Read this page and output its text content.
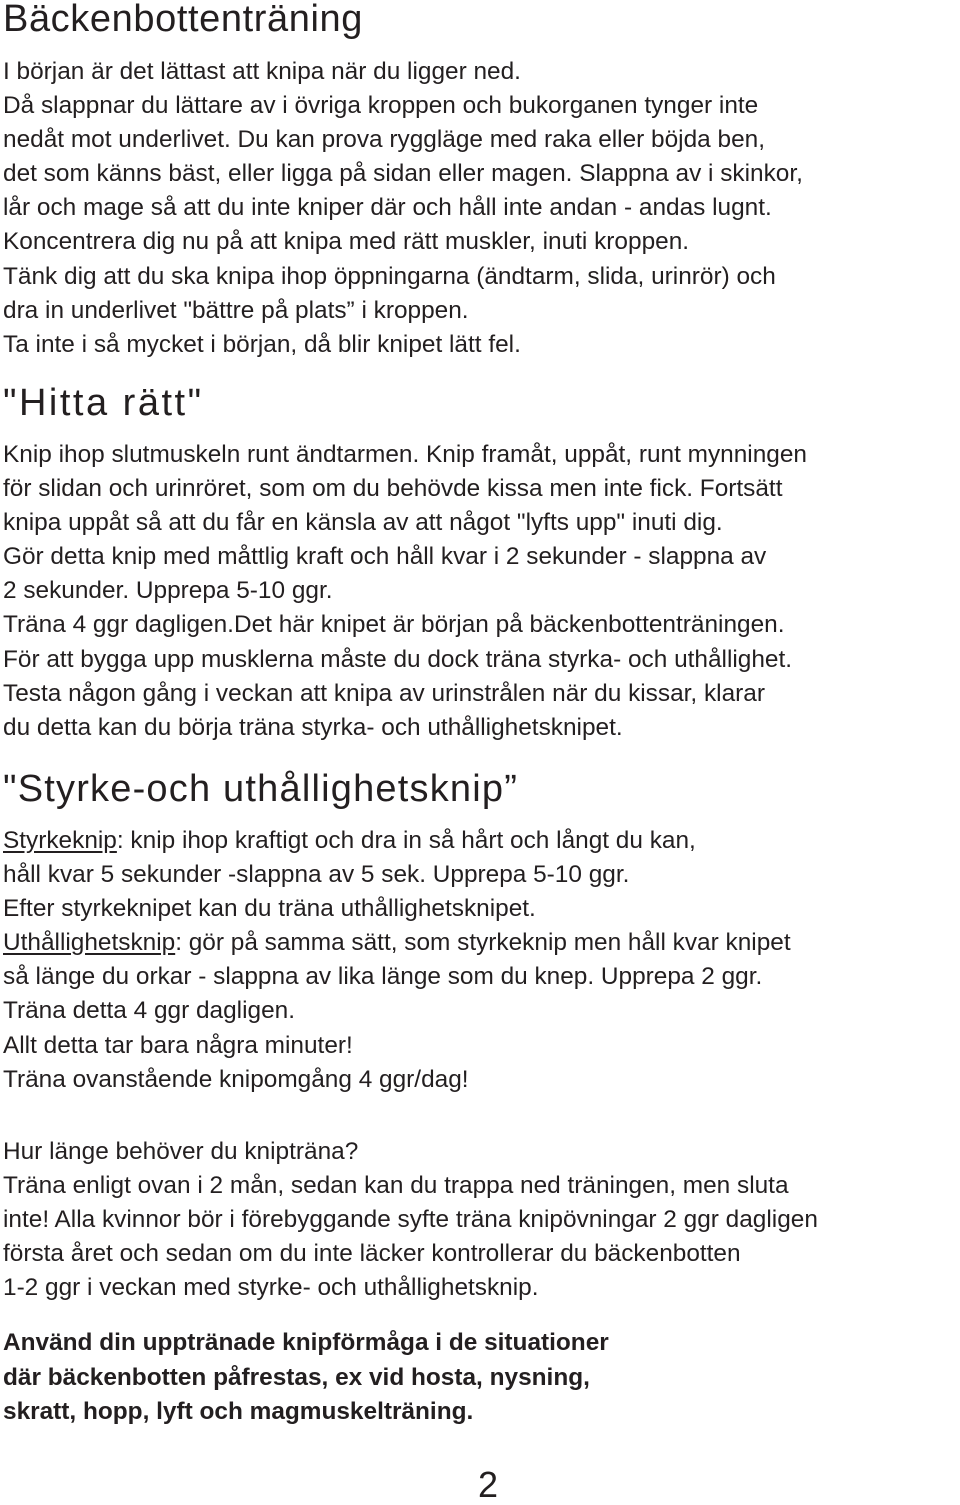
Bäckenbottenträning
I början är det lättast att knipa när du ligger ned.
Då slappnar du lättare av i övriga kroppen och bukorganen tynger inte
nedåt mot underlivet. Du kan prova ryggläge med raka eller böjda ben,
det som känns bäst, eller ligga på sidan eller magen. Slappna av i skinkor,
lår och mage så att du inte kniper där och håll inte andan - andas lugnt.
Koncentrera dig nu på att knipa med rätt muskler, inuti kroppen.
Tänk dig att du ska knipa ihop öppningarna (ändtarm, slida, urinrör) och
dra in underlivet "bättre på plats” i kroppen.
Ta inte i så mycket i början, då blir knipet lätt fel.
"Hitta rätt"
Knip ihop slutmuskeln runt ändtarmen. Knip framåt, uppåt, runt mynningen
för slidan och urinröret, som om du behövde kissa men inte fick. Fortsätt
knipa uppåt så att du får en känsla av att något "lyfts upp" inuti dig.
Gör detta knip med måttlig kraft och håll kvar i 2 sekunder - slappna av
2 sekunder. Upprepa 5-10 ggr.
Träna 4 ggr dagligen.Det här knipet är början på bäckenbottenträningen.
För att bygga upp musklerna måste du dock träna styrka- och uthållighet.
Testa någon gång i veckan att knipa av urinstrålen när du kissar, klarar
du detta kan du börja träna styrka- och uthållighetsknipet.
"Styrke-och uthållighetsknip”
Styrkeknip: knip ihop kraftigt och dra in så hårt och långt du kan,
håll kvar 5 sekunder -slappna av 5 sek. Upprepa 5-10 ggr.
Efter styrkeknipet kan du träna uthållighetsknipet.
Uthållighetsknip: gör på samma sätt, som styrkeknip men håll kvar knipet
så länge du orkar - slappna av lika länge som du knep. Upprepa 2 ggr.
Träna detta 4 ggr dagligen.
Allt detta tar bara några minuter!
Träna ovanstående knipomgång 4 ggr/dag!
Hur länge behöver du knipträna?
Träna enligt ovan i 2 mån, sedan kan du trappa ned träningen, men sluta
inte! Alla kvinnor bör i förebyggande syfte träna knipövningar 2 ggr dagligen
första året och sedan om du inte läcker kontrollerar du bäckenbotten
1-2 ggr i veckan med styrke- och uthållighetsknip.
Använd din upptränade knipförmåga i de situationer
där bäckenbotten påfrestas, ex vid hosta, nysning,
skratt, hopp, lyft och magmuskelträning.
2
